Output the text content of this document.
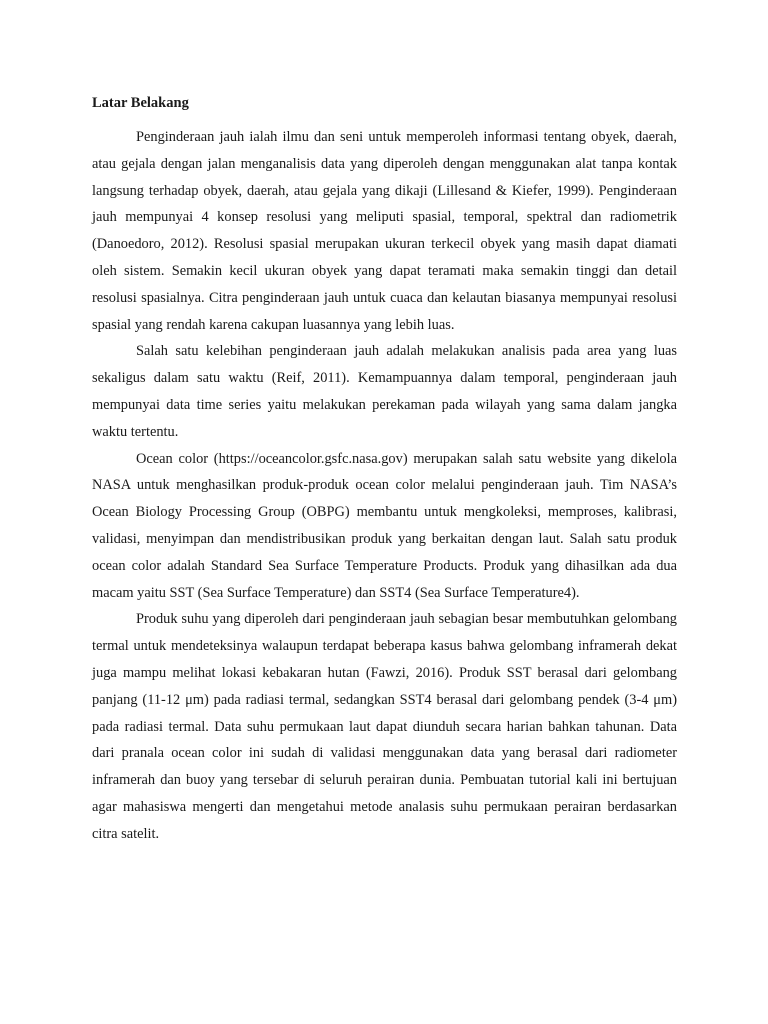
Latar Belakang

Penginderaan jauh ialah ilmu dan seni untuk memperoleh informasi tentang obyek, daerah, atau gejala dengan jalan menganalisis data yang diperoleh dengan menggunakan alat tanpa kontak langsung terhadap obyek, daerah, atau gejala yang dikaji (Lillesand & Kiefer, 1999). Penginderaan jauh mempunyai 4 konsep resolusi yang meliputi spasial, temporal, spektral dan radiometrik (Danoedoro, 2012). Resolusi spasial merupakan ukuran terkecil obyek yang masih dapat diamati oleh sistem. Semakin kecil ukuran obyek yang dapat teramati maka semakin tinggi dan detail resolusi spasialnya. Citra penginderaan jauh untuk cuaca dan kelautan biasanya mempunyai resolusi spasial yang rendah karena cakupan luasannya yang lebih luas.

Salah satu kelebihan penginderaan jauh adalah melakukan analisis pada area yang luas sekaligus dalam satu waktu (Reif, 2011). Kemampuannya dalam temporal, penginderaan jauh mempunyai data time series yaitu melakukan perekaman pada wilayah yang sama dalam jangka waktu tertentu.

Ocean color (https://oceancolor.gsfc.nasa.gov) merupakan salah satu website yang dikelola NASA untuk menghasilkan produk-produk ocean color melalui penginderaan jauh. Tim NASA’s Ocean Biology Processing Group (OBPG) membantu untuk mengkoleksi, memproses, kalibrasi, validasi, menyimpan dan mendistribusikan produk yang berkaitan dengan laut. Salah satu produk ocean color adalah Standard Sea Surface Temperature Products. Produk yang dihasilkan ada dua macam yaitu SST (Sea Surface Temperature) dan SST4 (Sea Surface Temperature4).

Produk suhu yang diperoleh dari penginderaan jauh sebagian besar membutuhkan gelombang termal untuk mendeteksinya walaupun terdapat beberapa kasus bahwa gelombang inframerah dekat juga mampu melihat lokasi kebakaran hutan (Fawzi, 2016). Produk SST berasal dari gelombang panjang (11-12 μm) pada radiasi termal, sedangkan SST4 berasal dari gelombang pendek (3-4 μm) pada radiasi termal. Data suhu permukaan laut dapat diunduh secara harian bahkan tahunan. Data dari pranala ocean color ini sudah di validasi menggunakan data yang berasal dari radiometer inframerah dan buoy yang tersebar di seluruh perairan dunia. Pembuatan tutorial kali ini bertujuan agar mahasiswa mengerti dan mengetahui metode analasis suhu permukaan perairan berdasarkan citra satelit.
